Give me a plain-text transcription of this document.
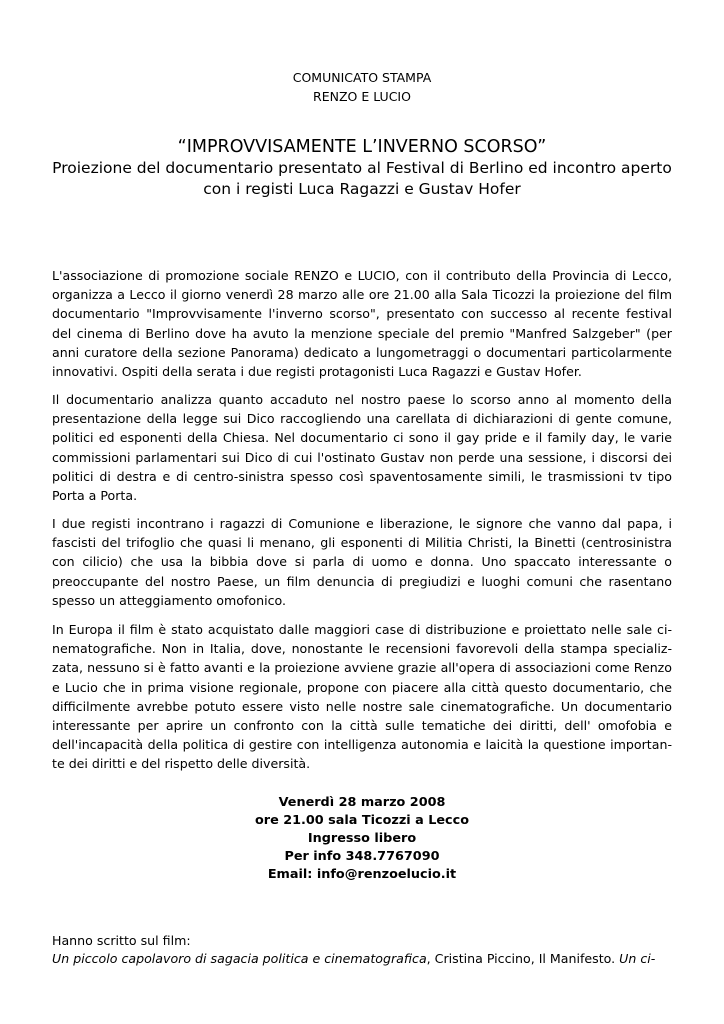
COMUNICATO STAMPA
RENZO E LUCIO
“IMPROVVISAMENTE L’INVERNO SCORSO”
Proiezione del documentario presentato al Festival di Berlino ed incontro aperto
con i registi Luca Ragazzi e Gustav Hofer

L'associazione di promozione sociale RENZO e LUCIO, con il contributo della Provincia di Lecco, organizza a Lecco il giorno venerdì 28 marzo alle ore 21.00 alla Sala Ticozzi la proiezione del film documentario "Improvvisamente l'inverno scorso", presentato con successo al recente festival del cinema di Berlino dove ha avuto la menzione speciale del premio "Manfred Salzgeber" (per anni curatore della sezione Panorama) dedicato a lungometraggi o documentari particolarmente innovativi. Ospiti della serata i due registi protagonisti Luca Ragazzi e Gustav Hofer.

Il documentario analizza quanto accaduto nel nostro paese lo scorso anno al momento della presentazione della legge sui Dico raccogliendo una carellata di dichiarazioni di gente comune, politici ed esponenti della Chiesa. Nel documentario ci sono il gay pride e il family day, le varie commissioni parlamentari sui Dico di cui l'ostinato Gustav non perde una sessione, i discorsi dei politici di destra e di centro-sinistra spesso così spaventosamente simili, le trasmissioni tv tipo Porta a Porta.

I due registi incontrano i ragazzi di Comunione e liberazione, le signore che vanno dal papa, i fascisti del trifoglio che quasi li menano, gli esponenti di Militia Christi, la Binetti (centrosinistra con cilicio) che usa la bibbia dove si parla di uomo e donna. Uno spaccato interessante o preoccupante del nostro Paese, un film denuncia di pregiudizi e luoghi comuni che rasentano spesso un atteggiamento omofonico.

In Europa il film è stato acquistato dalle maggiori case di distribuzione e proiettato nelle sale cinematografiche. Non in Italia, dove, nonostante le recensioni favorevoli della stampa specializzata, nessuno si è fatto avanti e la proiezione avviene grazie all'opera di associazioni come Renzo e Lucio che in prima visione regionale, propone con piacere alla città questo documentario, che difficilmente avrebbe potuto essere visto nelle nostre sale cinematografiche. Un documentario interessante per aprire un confronto con la città sulle tematiche dei diritti, dell' omofobia e dell'incapacità della politica di gestire con intelligenza autonomia e laicità la questione importante dei diritti e del rispetto delle diversità.

Venerdì 28 marzo 2008
ore 21.00 sala Ticozzi a Lecco
Ingresso libero
Per info 348.7767090
Email: info@renzoelucio.it
Hanno scritto sul film:
Un piccolo capolavoro di sagacia politica e cinematografica, Cristina Piccino, Il Manifesto. Un ci-
